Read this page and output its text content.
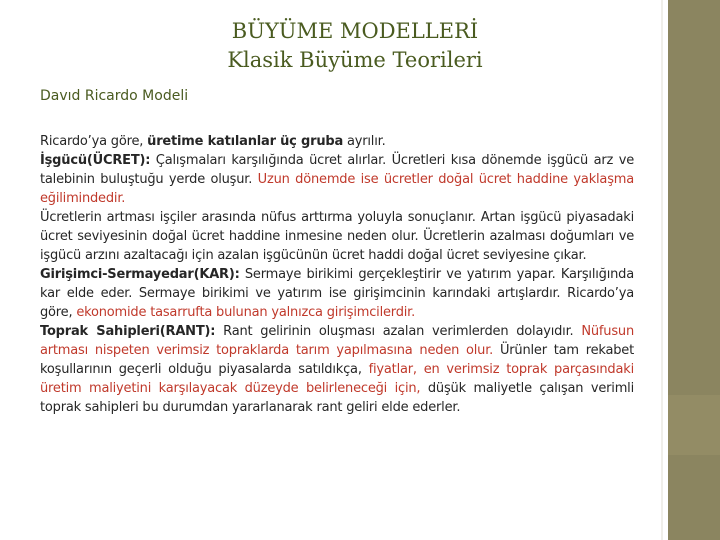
BÜYÜME MODELLERİ
Klasik Büyüme Teorileri
Davıd Ricardo Modeli

Ricardo’ya göre, üretime katılanlar üç gruba ayrılır.

İşgücü(ÜCRET): Çalışmaları karşılığında ücret alırlar. Ücretleri kısa dönemde işgücü arz ve talebinin buluştuğu yerde oluşur. Uzun dönemde ise ücretler doğal ücret haddine yaklaşma eğilimindedir.

Ücretlerin artması işçiler arasında nüfus arttırma yoluyla sonuçlanır. Artan işgücü piyasadaki ücret seviyesinin doğal ücret haddine inmesine neden olur. Ücretlerin azalması doğumları ve işgücü arzını azaltacağı için azalan işgücünün ücret haddi doğal ücret seviyesine çıkar.

Girişimci-Sermayedar(KAR): Sermaye birikimi gerçekleştirir ve yatırım yapar. Karşılığında kar elde eder. Sermaye birikimi ve yatırım ise girişimcinin karındaki artışlardır. Ricardo’ya göre, ekonomide tasarrufta bulunan yalnızca girişimcilerdir.

Toprak Sahipleri(RANT): Rant gelirinin oluşması azalan verimlerden dolayıdır. Nüfusun artması nispeten verimsiz topraklarda tarım yapılmasına neden olur. Ürünler tam rekabet koşullarının geçerli olduğu piyasalarda satıldıkça, fiyatlar, en verimsiz toprak parçasındaki üretim maliyetini karşılayacak düzeyde belirleneceği için, düşük maliyetle çalışan verimli toprak sahipleri bu durumdan yararlanarak rant geliri elde ederler.
